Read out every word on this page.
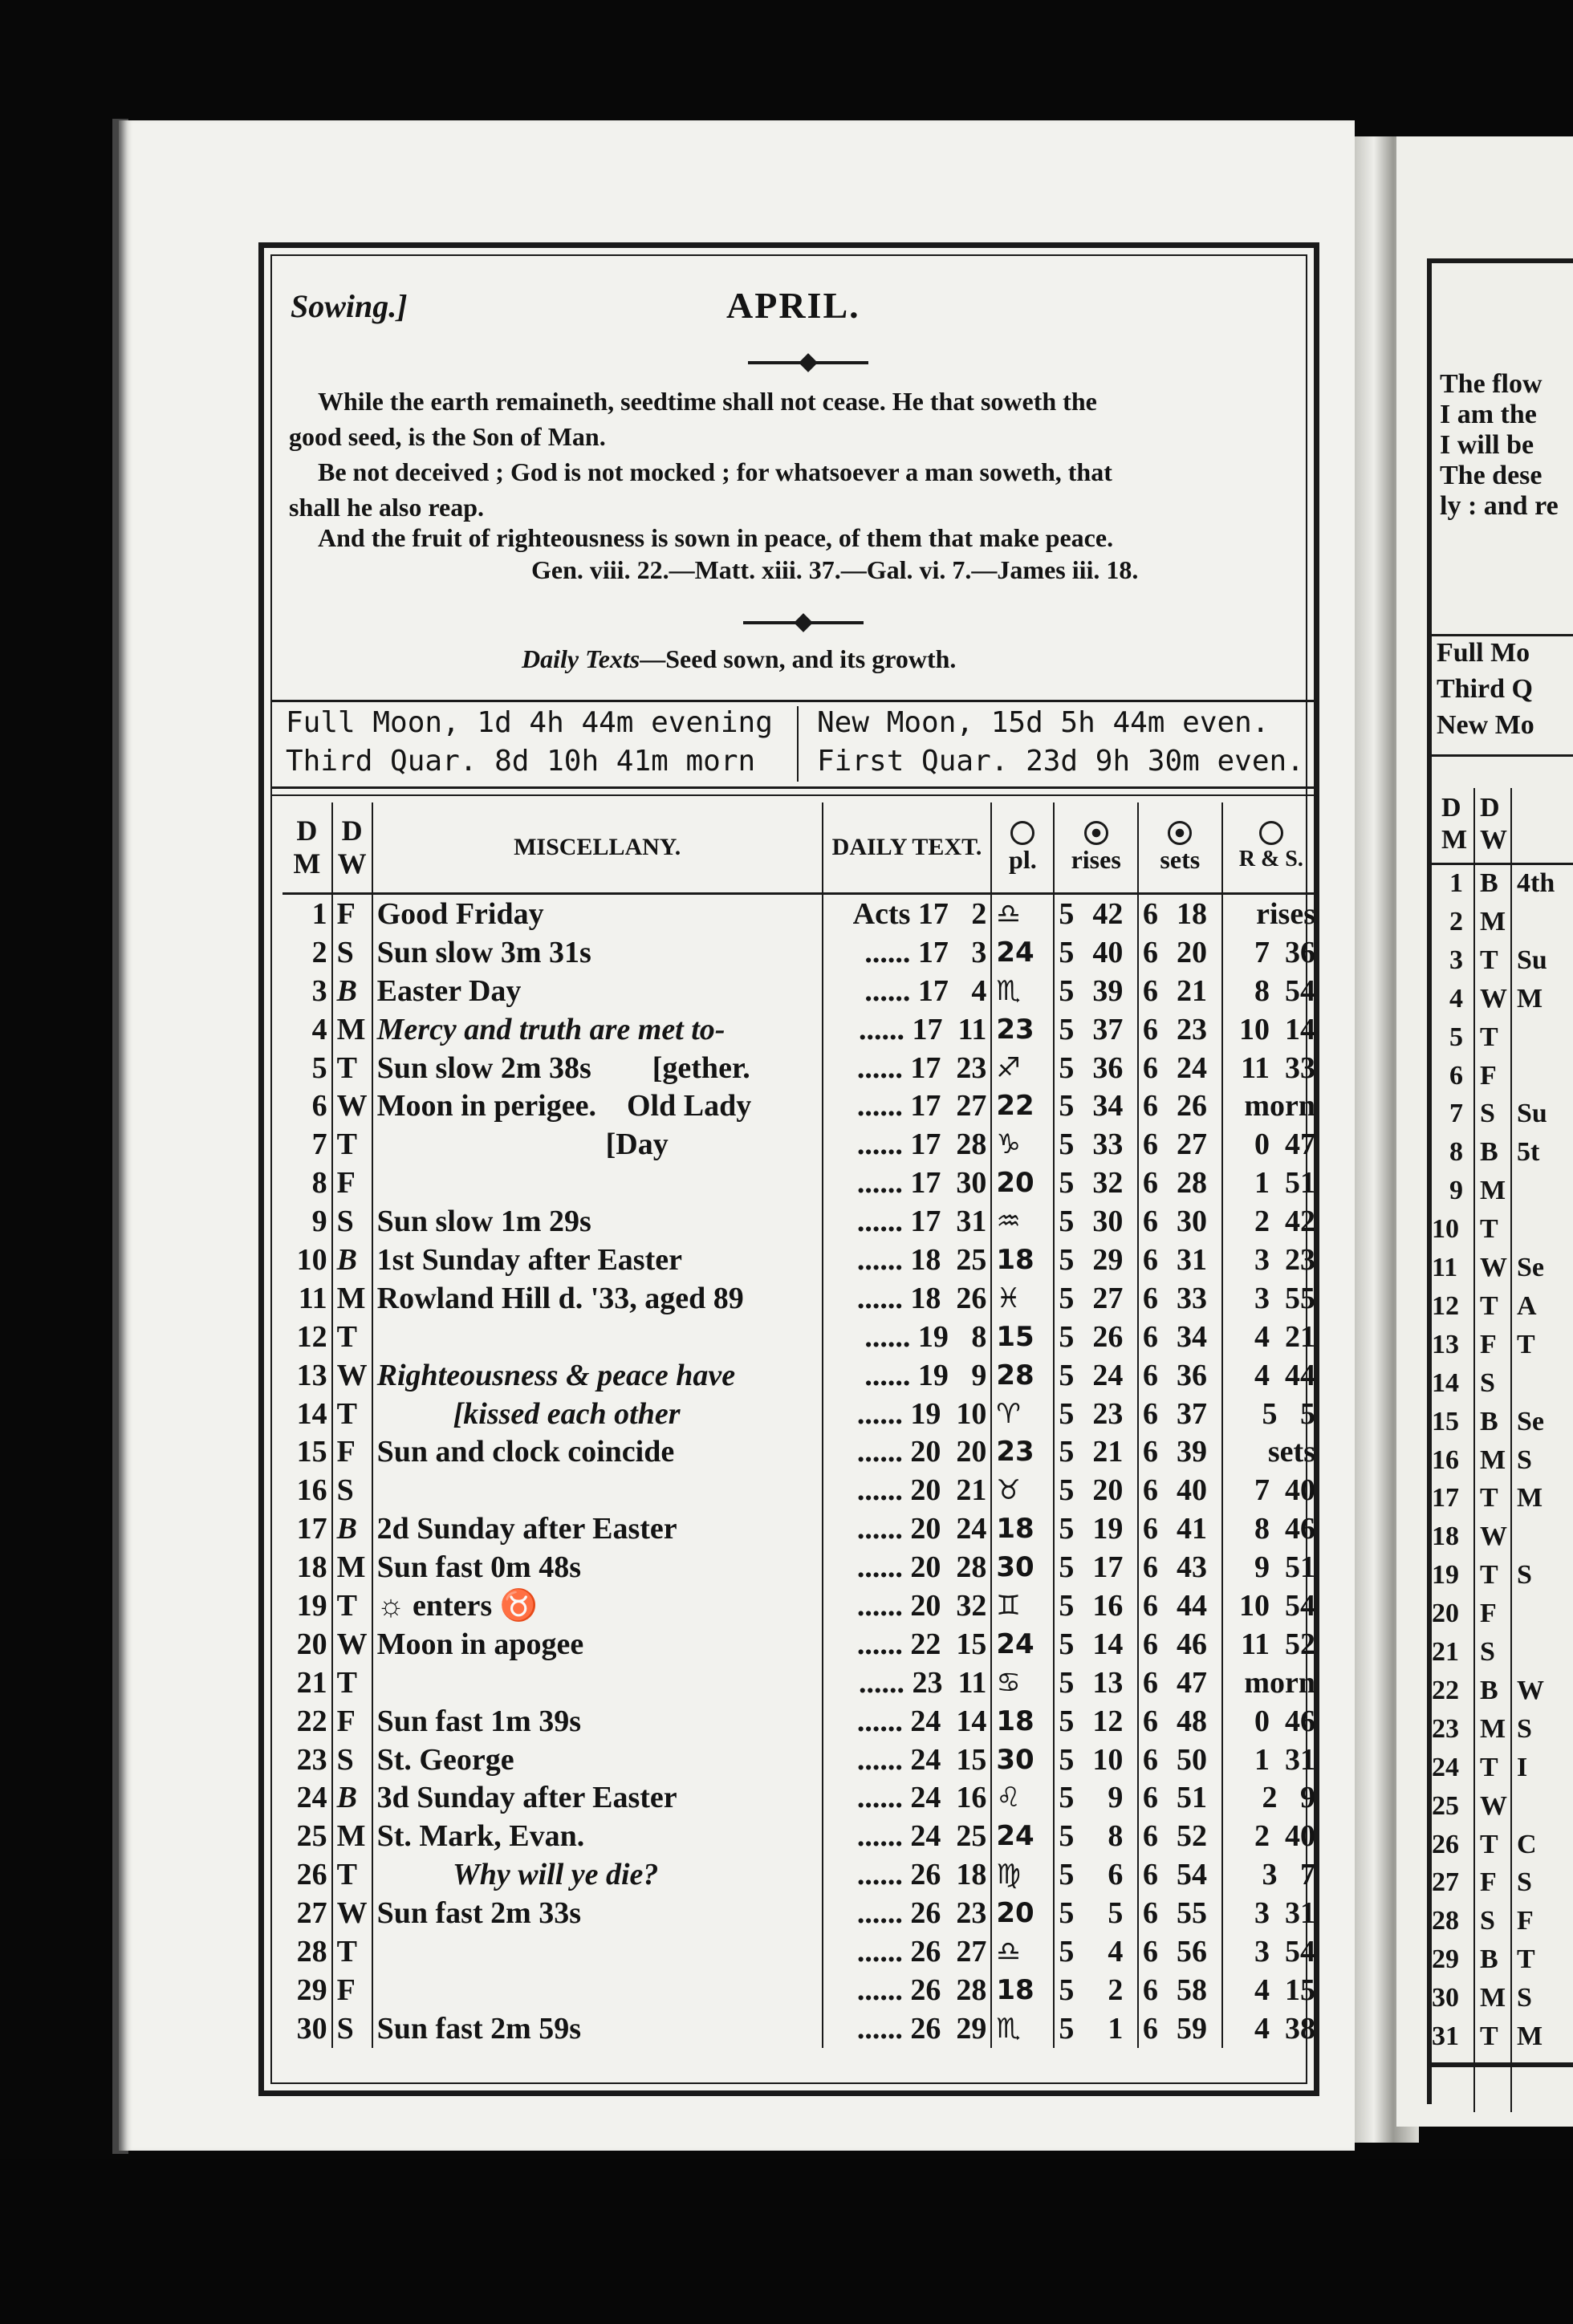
The flow
I am the
I will be
The dese
ly : and re
Full Mo
Third Q
New Mo
D
M
D
W
1 B 4th
2 M
3 T Su
4 W M
5 T
6 F
7 S Su
8 B 5t
9 M
10 T
11 W Se
12 T A
13 F T
14 S
15 B Se
16 M S
17 T M
18 W
19 T S
20 F
21 S
22 B W
23 M S
24 T I
25 W
26 T C
27 F S
28 S F
29 B T
30 M S
31 T M
Sowing.]	APRIL.
While the earth remaineth, seedtime shall not cease. He that soweth the
good seed, is the Son of Man.
Be not deceived ; God is not mocked ; for whatsoever a man soweth, that
shall he also reap.
And the fruit of righteousness is sown in peace, of them that make peace.
Gen. viii. 22.—Matt. xiii. 37.—Gal. vi. 7.—James iii. 18.
Daily Texts—Seed sown, and its growth.
Full Moon, 1d 4h 44m evening
Third Quar. 8d 10h 41m morn
New Moon, 15d 5h 44m even.
First Quar. 23d 9h 30m even.
D
M	D
W	MISCELLANY.	DAILY TEXT.	pl.	rises	sets	R & S.
1	F	Good Friday	Acts 17   2	♎	5 42	6 18	rises
2	S	Sun slow 3m 31s	...... 17   3	24	5 40	6 20	7  36
3	B	Easter Day	...... 17   4	♏	5 39	6 21	8  54
4	M	Mercy and truth are met to-	...... 17  11	23	5 37	6 23	10  14
5	T	Sun slow 2m 38s        [gether.	...... 17  23	♐	5 36	6 24	11  33
6	W	Moon in perigee.    Old Lady	...... 17  27	22	5 34	6 26	morn
7	T	[Day	...... 17  28	♑	5 33	6 27	0  47
8	F		...... 17  30	20	5 32	6 28	1  51
9	S	Sun slow 1m 29s	...... 17  31	♒	5 30	6 30	2  42
10	B	1st Sunday after Easter	...... 18  25	18	5 29	6 31	3  23
11	M	Rowland Hill d. '33, aged 89	...... 18  26	♓	5 27	6 33	3  55
12	T		...... 19   8	15	5 26	6 34	4  21
13	W	Righteousness & peace have	...... 19   9	28	5 24	6 36	4  44
14	T	[kissed each other	...... 19  10	♈	5 23	6 37	5   5
15	F	Sun and clock coincide	...... 20  20	23	5 21	6 39	sets
16	S		...... 20  21	♉	5 20	6 40	7  40
17	B	2d Sunday after Easter	...... 20  24	18	5 19	6 41	8  46
18	M	Sun fast 0m 48s	...... 20  28	30	5 17	6 43	9  51
19	T	☼ enters ♉	...... 20  32	♊	5 16	6 44	10  54
20	W	Moon in apogee	...... 22  15	24	5 14	6 46	11  52
21	T		...... 23  11	♋	5 13	6 47	morn
22	F	Sun fast 1m 39s	...... 24  14	18	5 12	6 48	0  46
23	S	St. George	...... 24  15	30	5 10	6 50	1  31
24	B	3d Sunday after Easter	...... 24  16	♌	5 9	6 51	2   9
25	M	St. Mark, Evan.	...... 24  25	24	5 8	6 52	2  40
26	T	Why will ye die?	...... 26  18	♍	5 6	6 54	3   7
27	W	Sun fast 2m 33s	...... 26  23	20	5 5	6 55	3  31
28	T		...... 26  27	♎	5 4	6 56	3  54
29	F		...... 26  28	18	5 2	6 58	4  15
30	S	Sun fast 2m 59s	...... 26  29	♏	5 1	6 59	4  38
